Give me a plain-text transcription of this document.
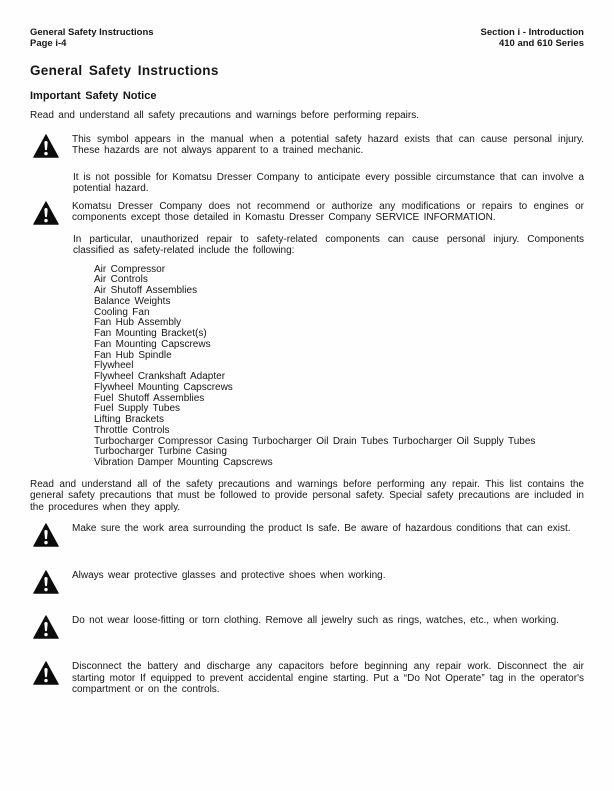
General Safety Instructions
Page i-4
Section i - Introduction
410 and 610 Series
General Safety Instructions
Important Safety Notice

Read and understand all safety precautions and warnings before performing repairs.

This symbol appears in the manual when a potential safety hazard exists that can cause personal injury. These hazards are not always apparent to a trained mechanic.

It is not possible for Komatsu Dresser Company to anticipate every possible circumstance that can involve a potential hazard.

Komatsu Dresser Company does not recommend or authorize any modifications or repairs to engines or components except those detailed in Komastu Dresser Company SERVICE INFORMATION.

In particular, unauthorized repair to safety-related components can cause personal injury. Components classified as safety-related include the following:

Air Compressor
Air Controls
Air Shutoff Assemblies
Balance Weights
Cooling Fan
Fan Hub Assembly
Fan Mounting Bracket(s)
Fan Mounting Capscrews
Fan Hub Spindle
Flywheel
Flywheel Crankshaft Adapter
Flywheel Mounting Capscrews
Fuel Shutoff Assemblies
Fuel Supply Tubes
Lifting Brackets
Throttle Controls
Turbocharger Compressor Casing Turbocharger Oil Drain Tubes Turbocharger Oil Supply Tubes
Turbocharger Turbine Casing
Vibration Damper Mounting Capscrews

Read and understand all of the safety precautions and warnings before performing any repair. This list contains the general safety precautions that must be followed to provide personal safety. Special safety precautions are included in the procedures when they apply.

Make sure the work area surrounding the product Is safe. Be aware of hazardous conditions that can exist.

Always wear protective glasses and protective shoes when working.

Do not wear loose-fitting or torn clothing. Remove all jewelry such as rings, watches, etc., when working.

Disconnect the battery and discharge any capacitors before beginning any repair work. Disconnect the air starting motor If equipped to prevent accidental engine starting. Put a “Do Not Operate” tag in the operator's compartment or on the controls.
